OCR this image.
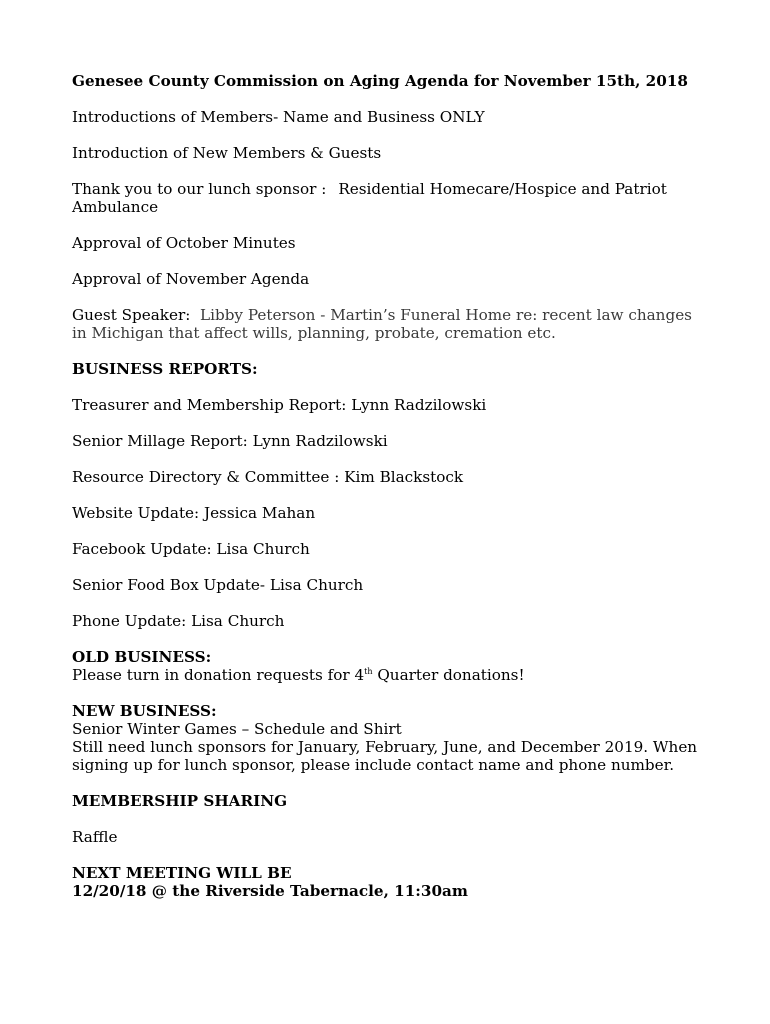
Genesee County Commission on Aging Agenda for November 15th, 2018

Introductions of Members- Name and Business ONLY

Introduction of New Members & Guests

Thank you to our lunch sponsor : Residential Homecare/Hospice and Patriot Ambulance

Approval of October Minutes

Approval of November Agenda

Guest Speaker: Libby Peterson - Martin’s Funeral Home re: recent law changes in Michigan that affect wills, planning, probate, cremation etc.

BUSINESS REPORTS:

Treasurer and Membership Report: Lynn Radzilowski

Senior Millage Report: Lynn Radzilowski

Resource Directory & Committee : Kim Blackstock

Website Update: Jessica Mahan

Facebook Update: Lisa Church

Senior Food Box Update- Lisa Church

Phone Update: Lisa Church

OLD BUSINESS:

Please turn in donation requests for 4th Quarter donations!

NEW BUSINESS:

Senior Winter Games – Schedule and Shirt

Still need lunch sponsors for January, February, June, and December 2019. When signing up for lunch sponsor, please include contact name and phone number.

MEMBERSHIP SHARING

Raffle

NEXT MEETING WILL BE

12/20/18 @ the Riverside Tabernacle, 11:30am
